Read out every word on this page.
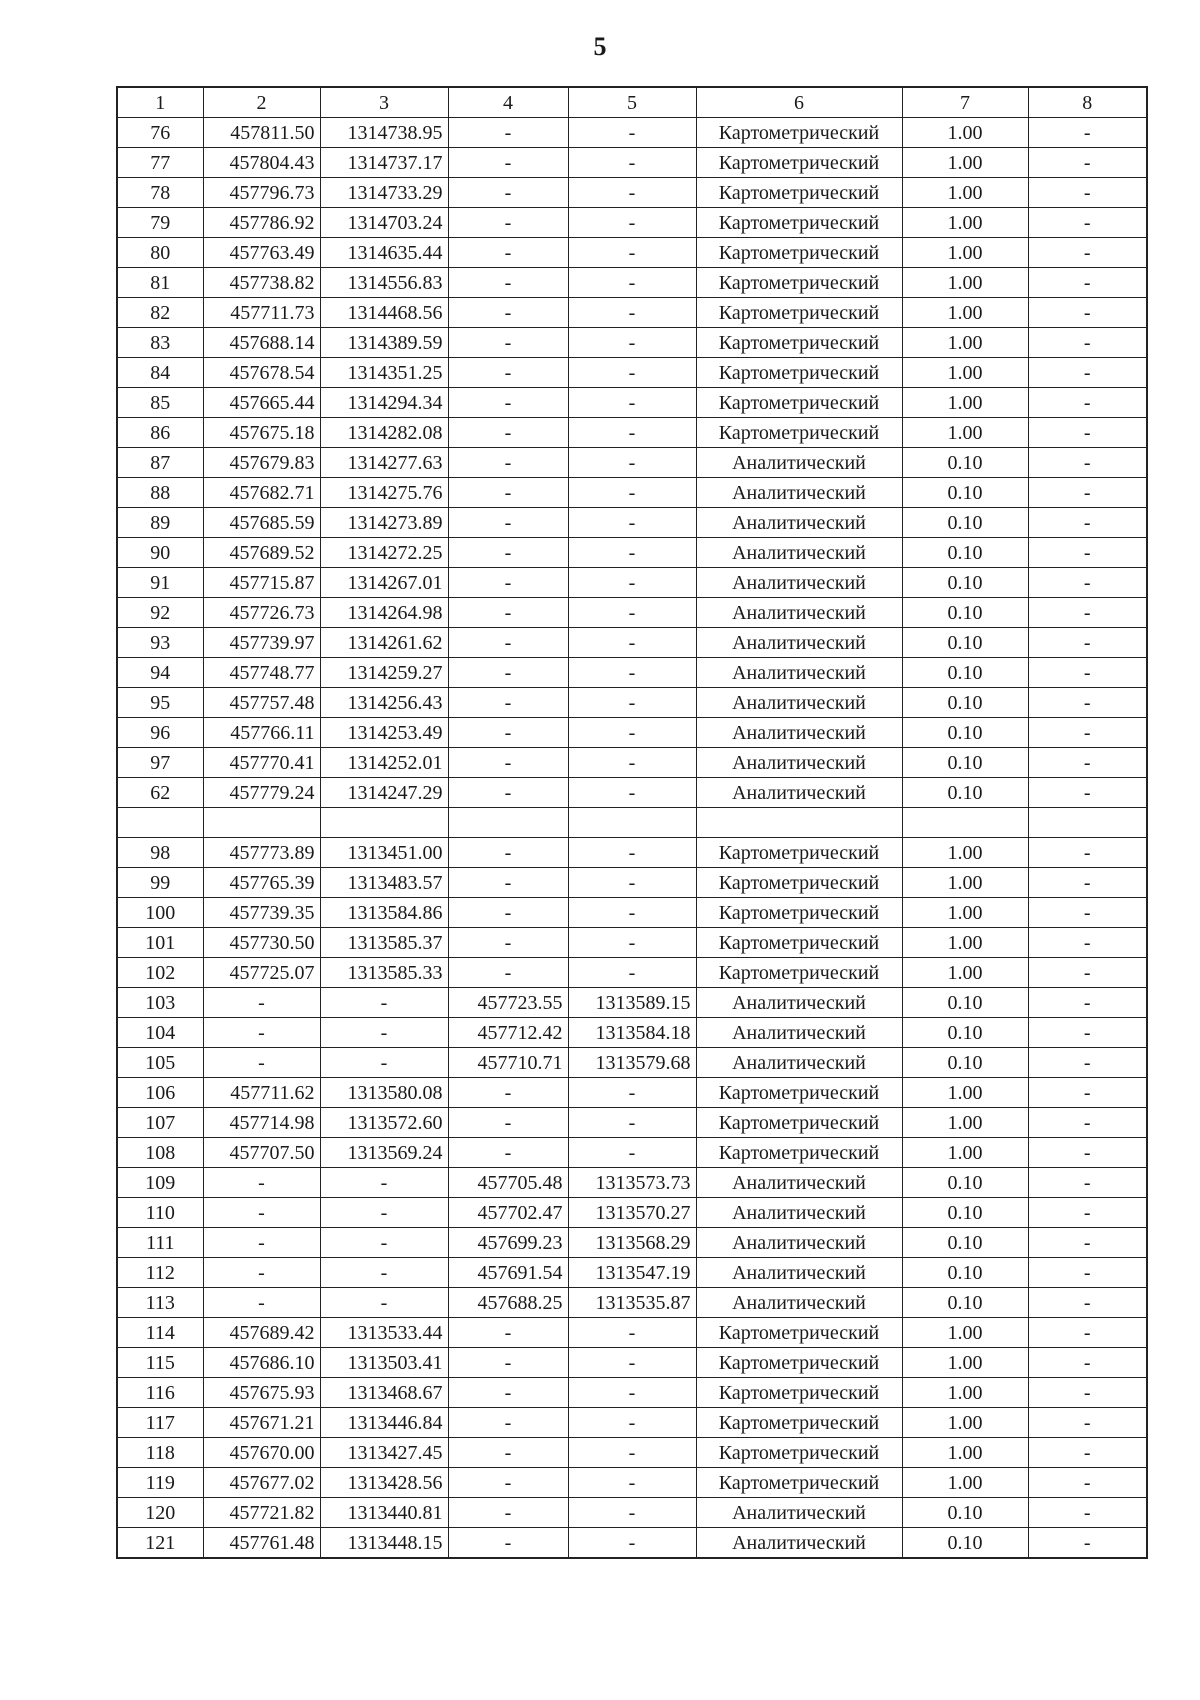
5
1	2	3	4	5	6	7	8
76	457811.50	1314738.95	-	-	Картометрический	1.00	-
77	457804.43	1314737.17	-	-	Картометрический	1.00	-
78	457796.73	1314733.29	-	-	Картометрический	1.00	-
79	457786.92	1314703.24	-	-	Картометрический	1.00	-
80	457763.49	1314635.44	-	-	Картометрический	1.00	-
81	457738.82	1314556.83	-	-	Картометрический	1.00	-
82	457711.73	1314468.56	-	-	Картометрический	1.00	-
83	457688.14	1314389.59	-	-	Картометрический	1.00	-
84	457678.54	1314351.25	-	-	Картометрический	1.00	-
85	457665.44	1314294.34	-	-	Картометрический	1.00	-
86	457675.18	1314282.08	-	-	Картометрический	1.00	-
87	457679.83	1314277.63	-	-	Аналитический	0.10	-
88	457682.71	1314275.76	-	-	Аналитический	0.10	-
89	457685.59	1314273.89	-	-	Аналитический	0.10	-
90	457689.52	1314272.25	-	-	Аналитический	0.10	-
91	457715.87	1314267.01	-	-	Аналитический	0.10	-
92	457726.73	1314264.98	-	-	Аналитический	0.10	-
93	457739.97	1314261.62	-	-	Аналитический	0.10	-
94	457748.77	1314259.27	-	-	Аналитический	0.10	-
95	457757.48	1314256.43	-	-	Аналитический	0.10	-
96	457766.11	1314253.49	-	-	Аналитический	0.10	-
97	457770.41	1314252.01	-	-	Аналитический	0.10	-
62	457779.24	1314247.29	-	-	Аналитический	0.10	-

98	457773.89	1313451.00	-	-	Картометрический	1.00	-
99	457765.39	1313483.57	-	-	Картометрический	1.00	-
100	457739.35	1313584.86	-	-	Картометрический	1.00	-
101	457730.50	1313585.37	-	-	Картометрический	1.00	-
102	457725.07	1313585.33	-	-	Картометрический	1.00	-
103	-	-	457723.55	1313589.15	Аналитический	0.10	-
104	-	-	457712.42	1313584.18	Аналитический	0.10	-
105	-	-	457710.71	1313579.68	Аналитический	0.10	-
106	457711.62	1313580.08	-	-	Картометрический	1.00	-
107	457714.98	1313572.60	-	-	Картометрический	1.00	-
108	457707.50	1313569.24	-	-	Картометрический	1.00	-
109	-	-	457705.48	1313573.73	Аналитический	0.10	-
110	-	-	457702.47	1313570.27	Аналитический	0.10	-
111	-	-	457699.23	1313568.29	Аналитический	0.10	-
112	-	-	457691.54	1313547.19	Аналитический	0.10	-
113	-	-	457688.25	1313535.87	Аналитический	0.10	-
114	457689.42	1313533.44	-	-	Картометрический	1.00	-
115	457686.10	1313503.41	-	-	Картометрический	1.00	-
116	457675.93	1313468.67	-	-	Картометрический	1.00	-
117	457671.21	1313446.84	-	-	Картометрический	1.00	-
118	457670.00	1313427.45	-	-	Картометрический	1.00	-
119	457677.02	1313428.56	-	-	Картометрический	1.00	-
120	457721.82	1313440.81	-	-	Аналитический	0.10	-
121	457761.48	1313448.15	-	-	Аналитический	0.10	-
